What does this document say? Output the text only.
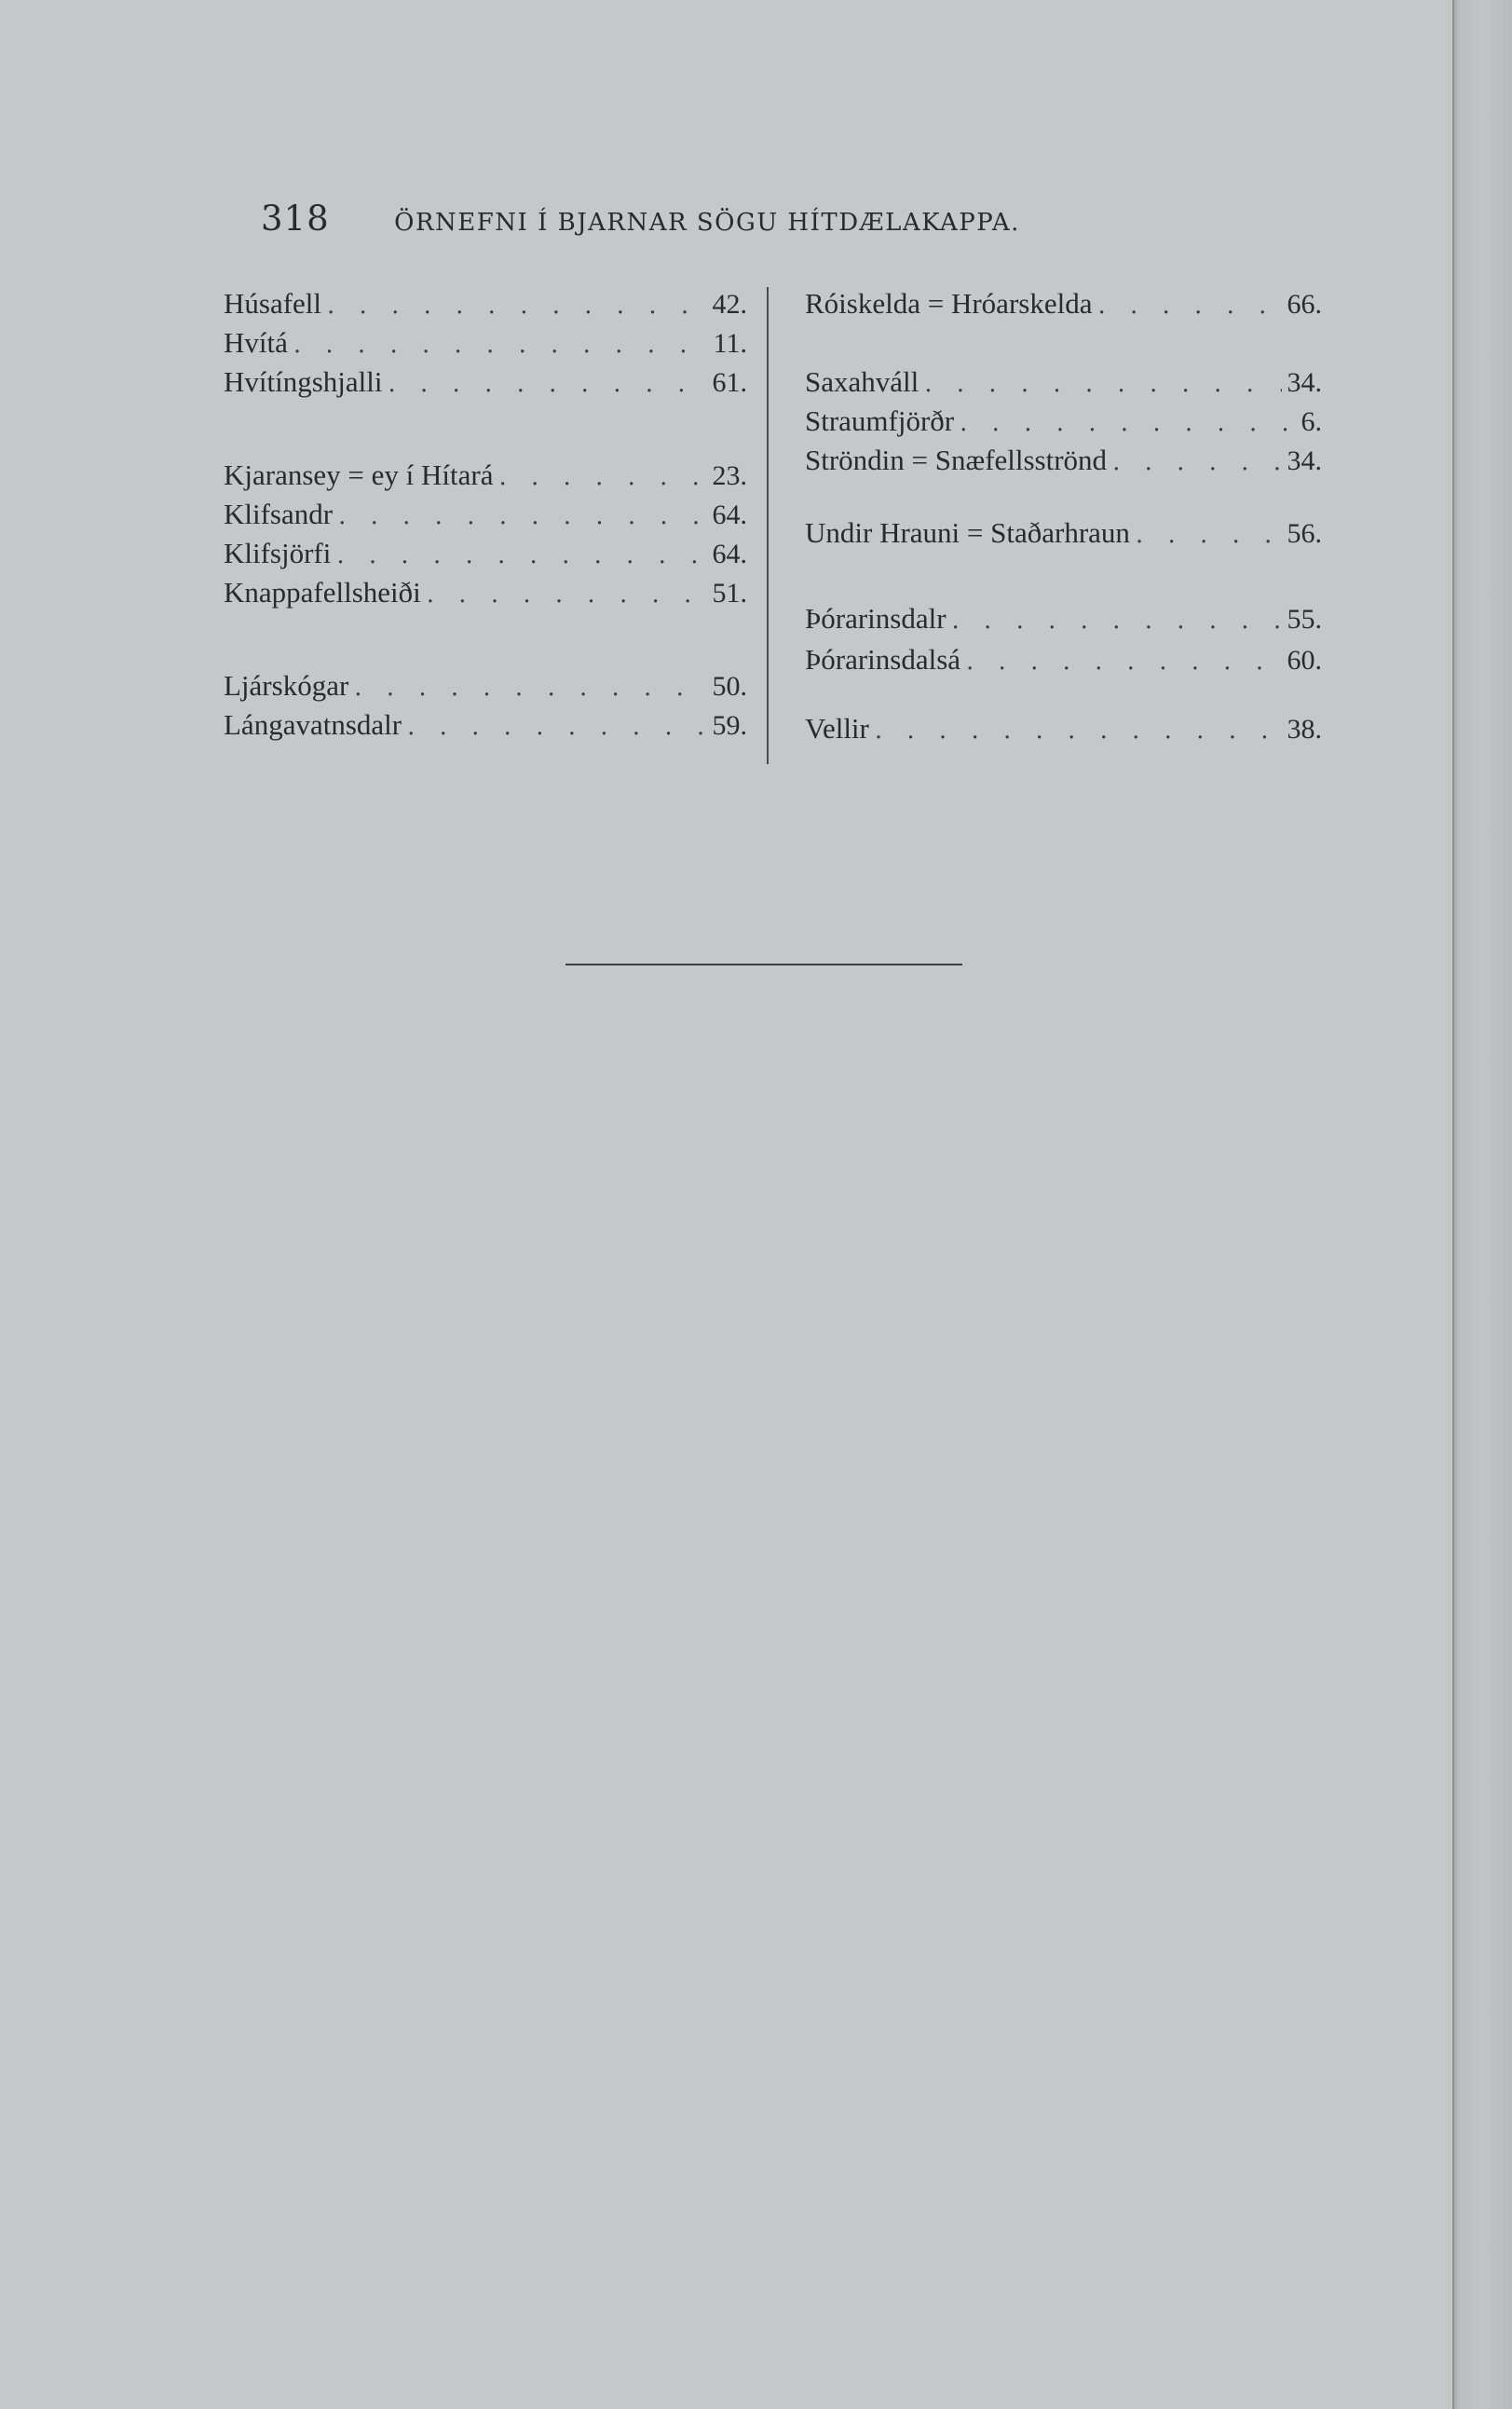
318	ÖRNEFNI Í BJARNAR SÖGU HÍTDÆLAKAPPA.
Húsafell . . .	42.
Hvítá . . .	11.
Hvítíngshjalli . . .	61.
Kjaransey = ey í Hítará . . .	23.
Klifsandr . . .	64.
Klifsjörfi . . .	64.
Knappafellsheiði . . .	51.
Ljárskógar . . .	50.
Lángavatnsdalr . . .	59.
Róiskelda = Hróarskelda . . .	66.
Saxahváll . . .	34.
Straumfjörðr . . .	6.
Ströndin = Snæfellsströnd . . .	34.
Undir Hrauni = Staðarhraun . . .	56.
Þórarinsdalr . . .	55.
Þórarinsdalsá . . .	60.
Vellir . . .	38.
